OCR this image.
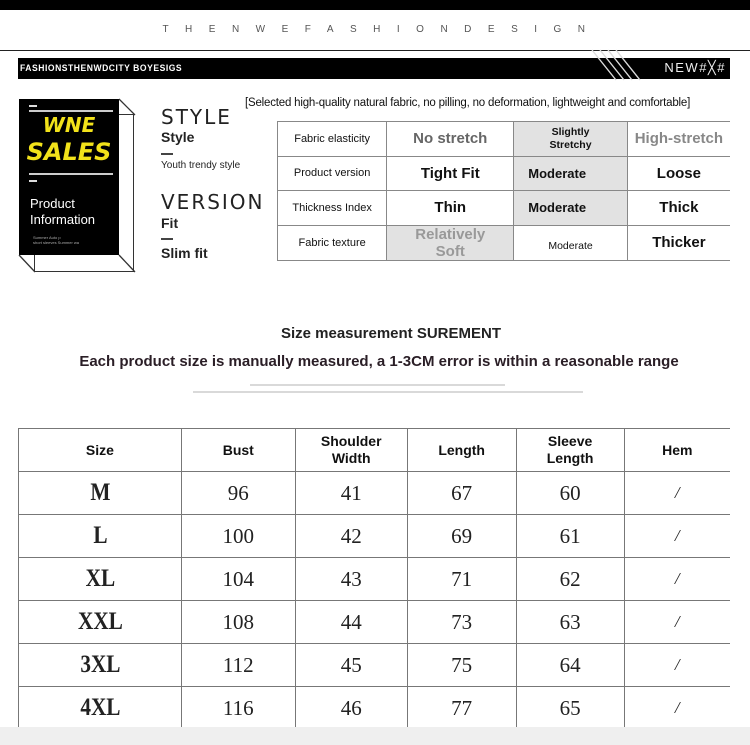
THENWEFASHIONDESIGN
FASHIONSTHENWDCITY BOYESIGS	NEW#╳#
WNE
SALES
Product
Information
Summer Auto p
short sleeves Summer wa
STYLE
Style
Youth trendy style
VERSION
Fit
Slim fit
[Selected high-quality natural fabric, no pilling, no deformation, lightweight and comfortable]
Fabric elasticity	No stretch	Slightly Stretchy	High-stretch
Product version	Tight Fit	Moderate	Loose
Thickness Index	Thin	Moderate	Thick
Fabric texture	Relatively Soft	Moderate	Thicker
Size measurement SUREMENT
Each product size is manually measured, a 1-3CM error is within a reasonable range
Size	Bust	Shoulder Width	Length	Sleeve Length	Hem
M	96	41	67	60	/
L	100	42	69	61	/
XL	104	43	71	62	/
XXL	108	44	73	63	/
3XL	112	45	75	64	/
4XL	116	46	77	65	/
